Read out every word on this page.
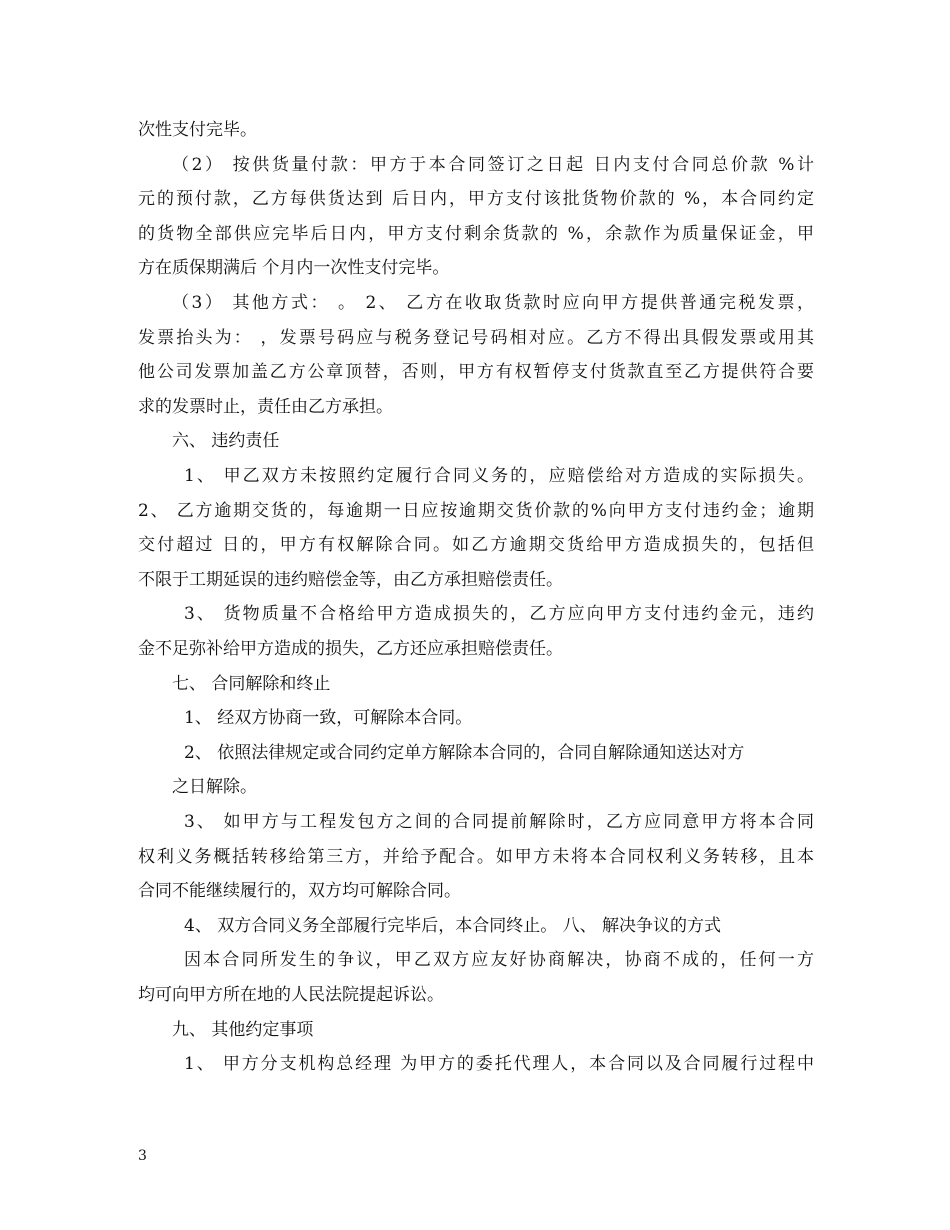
次性支付完毕。
（2） 按供货量付款：甲方于本合同签订之日起 日内支付合同总价款 %计
元的预付款，乙方每供货达到 后日内，甲方支付该批货物价款的 %，本合同约定
的货物全部供应完毕后日内，甲方支付剩余货款的 %，余款作为质量保证金，甲
方在质保期满后 个月内一次性支付完毕。
（3） 其他方式： 。 2、 乙方在收取货款时应向甲方提供普通完税发票，
发票抬头为： ，发票号码应与税务登记号码相对应。乙方不得出具假发票或用其
他公司发票加盖乙方公章顶替，否则，甲方有权暂停支付货款直至乙方提供符合要
求的发票时止，责任由乙方承担。
六、 违约责任
1、 甲乙双方未按照约定履行合同义务的，应赔偿给对方造成的实际损失。
2、 乙方逾期交货的，每逾期一日应按逾期交货价款的%向甲方支付违约金；逾期
交付超过 日的，甲方有权解除合同。如乙方逾期交货给甲方造成损失的，包括但
不限于工期延误的违约赔偿金等，由乙方承担赔偿责任。
3、 货物质量不合格给甲方造成损失的，乙方应向甲方支付违约金元，违约
金不足弥补给甲方造成的损失，乙方还应承担赔偿责任。
七、 合同解除和终止
1、 经双方协商一致，可解除本合同。
2、 依照法律规定或合同约定单方解除本合同的，合同自解除通知送达对方
之日解除。
3、 如甲方与工程发包方之间的合同提前解除时，乙方应同意甲方将本合同
权利义务概括转移给第三方，并给予配合。如甲方未将本合同权利义务转移，且本
合同不能继续履行的，双方均可解除合同。
4、 双方合同义务全部履行完毕后，本合同终止。 八、 解决争议的方式
因本合同所发生的争议，甲乙双方应友好协商解决，协商不成的，任何一方
均可向甲方所在地的人民法院提起诉讼。
九、 其他约定事项
1、 甲方分支机构总经理 为甲方的委托代理人，本合同以及合同履行过程中
3
